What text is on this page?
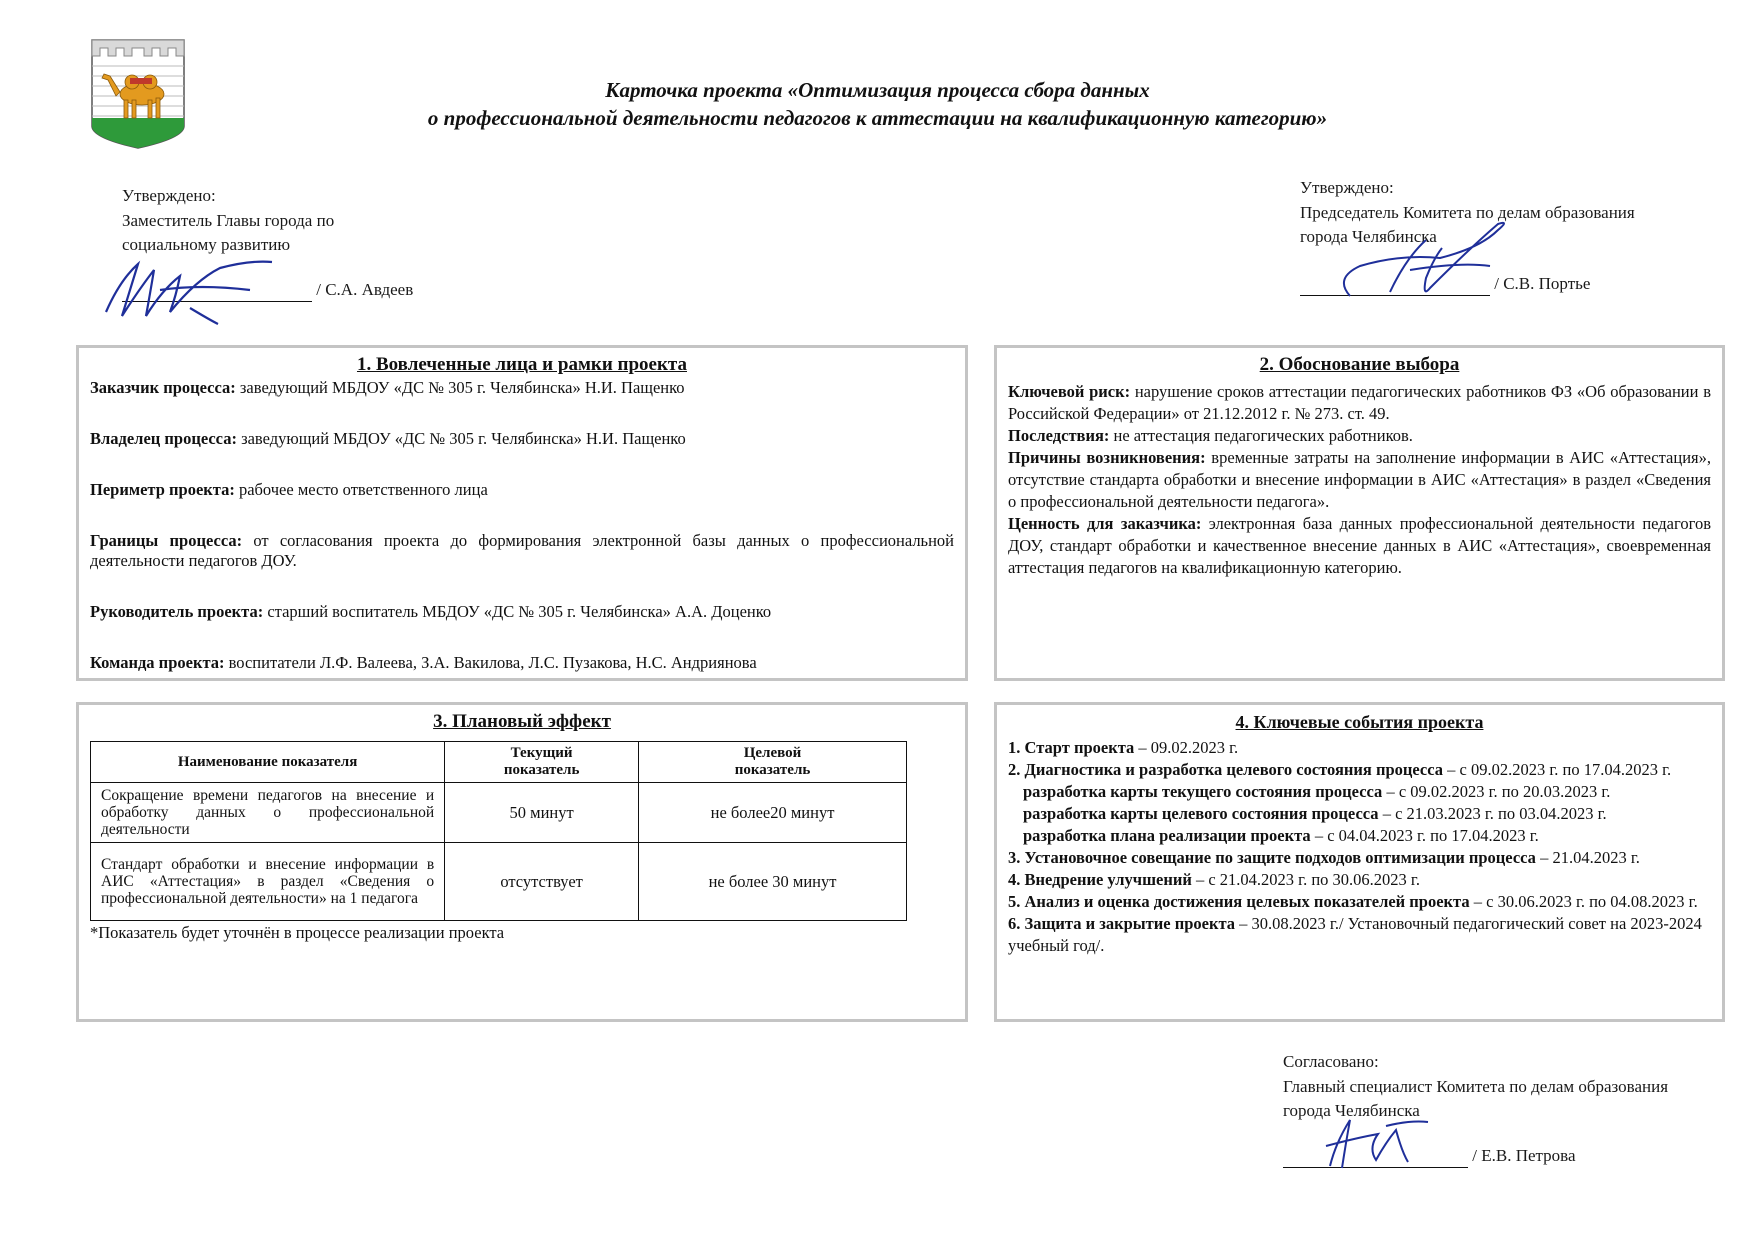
Карточка проекта «Оптимизация процесса сбора данных
о профессиональной деятельности педагогов к аттестации на квалификационную категорию»
Утверждено:
Заместитель Главы города по
социальному развитию
/ С.А. Авдеев
Утверждено:
Председатель Комитета по делам образования
города Челябинска
/ С.В. Портье
1. Вовлеченные лица и рамки проекта
Заказчик процесса: заведующий МБДОУ «ДС № 305 г. Челябинска» Н.И. Пащенко
Владелец процесса: заведующий МБДОУ «ДС № 305 г. Челябинска» Н.И. Пащенко
Периметр проекта: рабочее место ответственного лица
Границы процесса: от согласования проекта до формирования электронной базы данных о профессиональной деятельности педагогов ДОУ.
Руководитель проекта: старший воспитатель МБДОУ «ДС № 305 г. Челябинска» А.А. Доценко
Команда проекта: воспитатели Л.Ф. Валеева, З.А. Вакилова, Л.С. Пузакова, Н.С. Андриянова
2. Обоснование выбора
Ключевой риск: нарушение сроков аттестации педагогических работников ФЗ «Об образовании в Российской Федерации» от 21.12.2012 г. № 273. ст. 49.
Последствия: не аттестация педагогических работников.
Причины возникновения: временные затраты на заполнение информации в АИС «Аттестация», отсутствие стандарта обработки и внесение информации в АИС «Аттестация» в раздел «Сведения о профессиональной деятельности педагога».
Ценность для заказчика: электронная база данных профессиональной деятельности педагогов ДОУ, стандарт обработки и качественное внесение данных в АИС «Аттестация», своевременная аттестация педагогов на квалификационную категорию.
3. Плановый эффект
Наименование показателя	Текущий показатель	Целевой показатель
Сокращение времени педагогов на внесение и обработку данных о профессиональной деятельности	50 минут	не более20 минут
Стандарт обработки и внесение информации в АИС «Аттестация» в раздел «Сведения о профессиональной деятельности» на 1 педагога	отсутствует	не более 30 минут
*Показатель будет уточнён в процессе реализации проекта
4. Ключевые события проекта
1. Старт проекта – 09.02.2023 г.
2. Диагностика и разработка целевого состояния процесса – с 09.02.2023 г. по 17.04.2023 г.
разработка карты текущего состояния процесса – с 09.02.2023 г. по 20.03.2023 г.
разработка карты целевого состояния процесса – с 21.03.2023 г. по 03.04.2023 г.
разработка плана реализации проекта – с 04.04.2023 г. по 17.04.2023 г.
3. Установочное совещание по защите подходов оптимизации процесса – 21.04.2023 г.
4. Внедрение улучшений – с 21.04.2023 г. по 30.06.2023 г.
5. Анализ и оценка достижения целевых показателей проекта – с 30.06.2023 г. по 04.08.2023 г.
6. Защита и закрытие проекта – 30.08.2023 г./ Установочный педагогический совет на 2023-2024 учебный год/.
Согласовано:
Главный специалист Комитета по делам образования
города Челябинска
/ Е.В. Петрова
